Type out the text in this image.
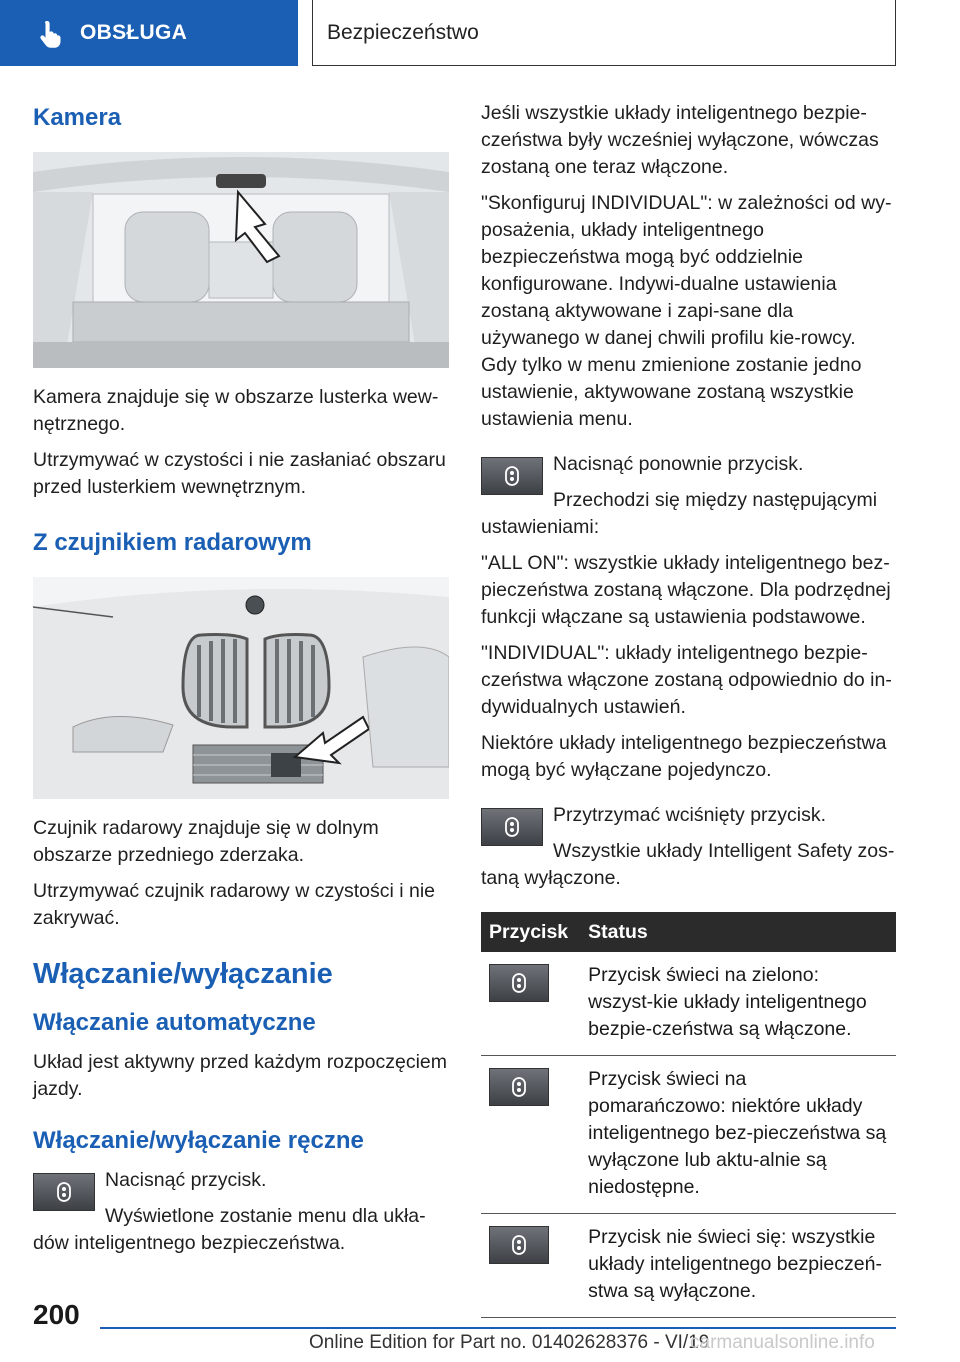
OBSŁUGA	Bezpieczeństwo
Kamera

Kamera znajduje się w obszarze lusterka wew-nętrznego.

Utrzymywać w czystości i nie zasłaniać obszaru przed lusterkiem wewnętrznym.

Z czujnikiem radarowym

Czujnik radarowy znajduje się w dolnym obszarze przedniego zderzaka.

Utrzymywać czujnik radarowy w czystości i nie zakrywać.

Włączanie/wyłączanie
Włączanie automatyczne

Układ jest aktywny przed każdym rozpoczęciem jazdy.

Włączanie/wyłączanie ręczne

Nacisnąć przycisk.

Wyświetlone zostanie menu dla ukła-dów inteligentnego bezpieczeństwa.

Jeśli wszystkie układy inteligentnego bezpie-czeństwa były wcześniej wyłączone, wówczas zostaną one teraz włączone.

"Skonfiguruj INDIVIDUAL": w zależności od wy-posażenia, układy inteligentnego bezpieczeństwa mogą być oddzielnie konfigurowane. Indywi-dualne ustawienia zostaną aktywowane i zapi-sane dla używanego w danej chwili profilu kie-rowcy. Gdy tylko w menu zmienione zostanie jedno ustawienie, aktywowane zostaną wszystkie ustawienia menu.

Nacisnąć ponownie przycisk.

Przechodzi się między następującymi ustawieniami:

"ALL ON": wszystkie układy inteligentnego bez-pieczeństwa zostaną włączone. Dla podrzędnej funkcji włączane są ustawienia podstawowe.

"INDIVIDUAL": układy inteligentnego bezpie-czeństwa włączone zostaną odpowiednio do in-dywidualnych ustawień.

Niektóre układy inteligentnego bezpieczeństwa mogą być wyłączane pojedynczo.

Przytrzymać wciśnięty przycisk.

Wszystkie układy Intelligent Safety zos-taną wyłączone.

Przycisk	Status

	Przycisk świeci na zielono: wszyst-kie układy inteligentnego bezpie-czeństwa są włączone.

	Przycisk świeci na pomarańczowo: niektóre układy inteligentnego bez-pieczeństwa są wyłączone lub aktu-alnie są niedostępne.

	Przycisk nie świeci się: wszystkie układy inteligentnego bezpieczeń-stwa są wyłączone.
200
Online Edition for Part no. 01402628376 - VI/19
carmanualsonline.info
